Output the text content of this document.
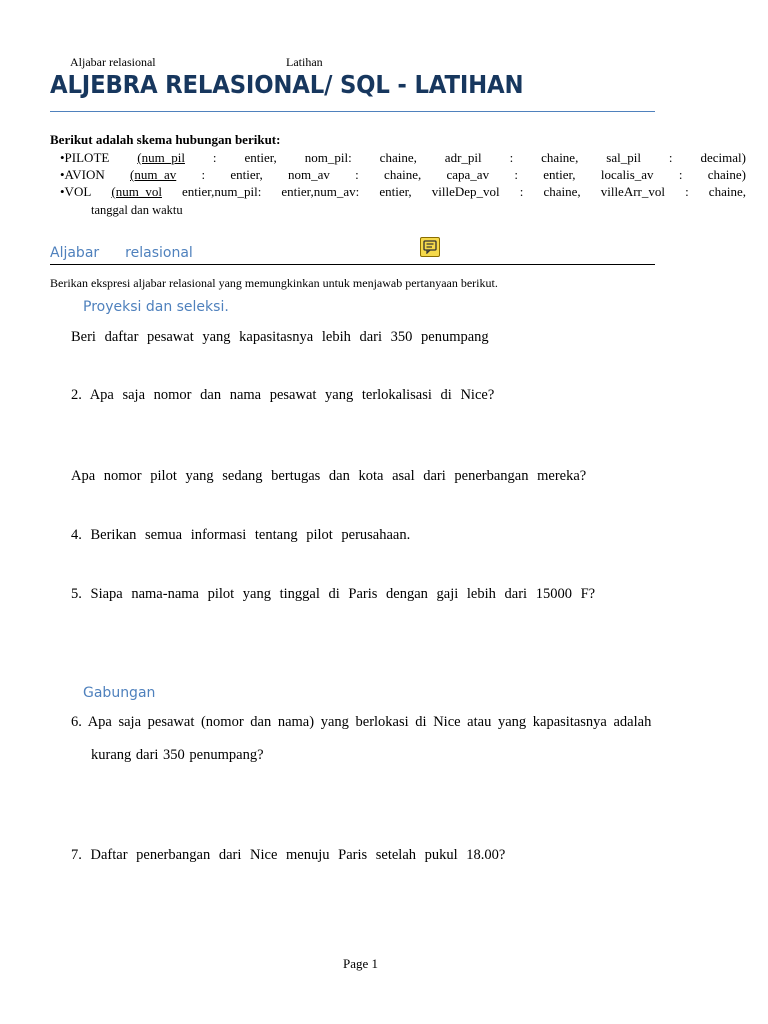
Aljabar relasional	Latihan
ALJEBRA RELASIONAL/ SQL - LATIHAN
Berikut adalah skema hubungan berikut:
•PILOTE (num_pil : entier, nom_pil: chaine, adr_pil : chaine, sal_pil : decimal)
•AVION (num_av : entier, nom_av : chaine, capa_av : entier, localis_av : chaine)
•VOL (num_vol entier,num_pil: entier,num_av: entier, villeDep_vol : chaine, villeArr_vol : chaine,
tanggal dan waktu
Aljabar relasional
Berikan ekspresi aljabar relasional yang memungkinkan untuk menjawab pertanyaan berikut.
Proyeksi dan seleksi.
Beri daftar pesawat yang kapasitasnya lebih dari 350 penumpang
2. Apa saja nomor dan nama pesawat yang terlokalisasi di Nice?
Apa nomor pilot yang sedang bertugas dan kota asal dari penerbangan mereka?
4. Berikan semua informasi tentang pilot perusahaan.
5. Siapa nama-nama pilot yang tinggal di Paris dengan gaji lebih dari 15000 F?
Gabungan
6. Apa saja pesawat (nomor dan nama) yang berlokasi di Nice atau yang kapasitasnya adalah
kurang dari 350 penumpang?
7. Daftar penerbangan dari Nice menuju Paris setelah pukul 18.00?
Page 1
